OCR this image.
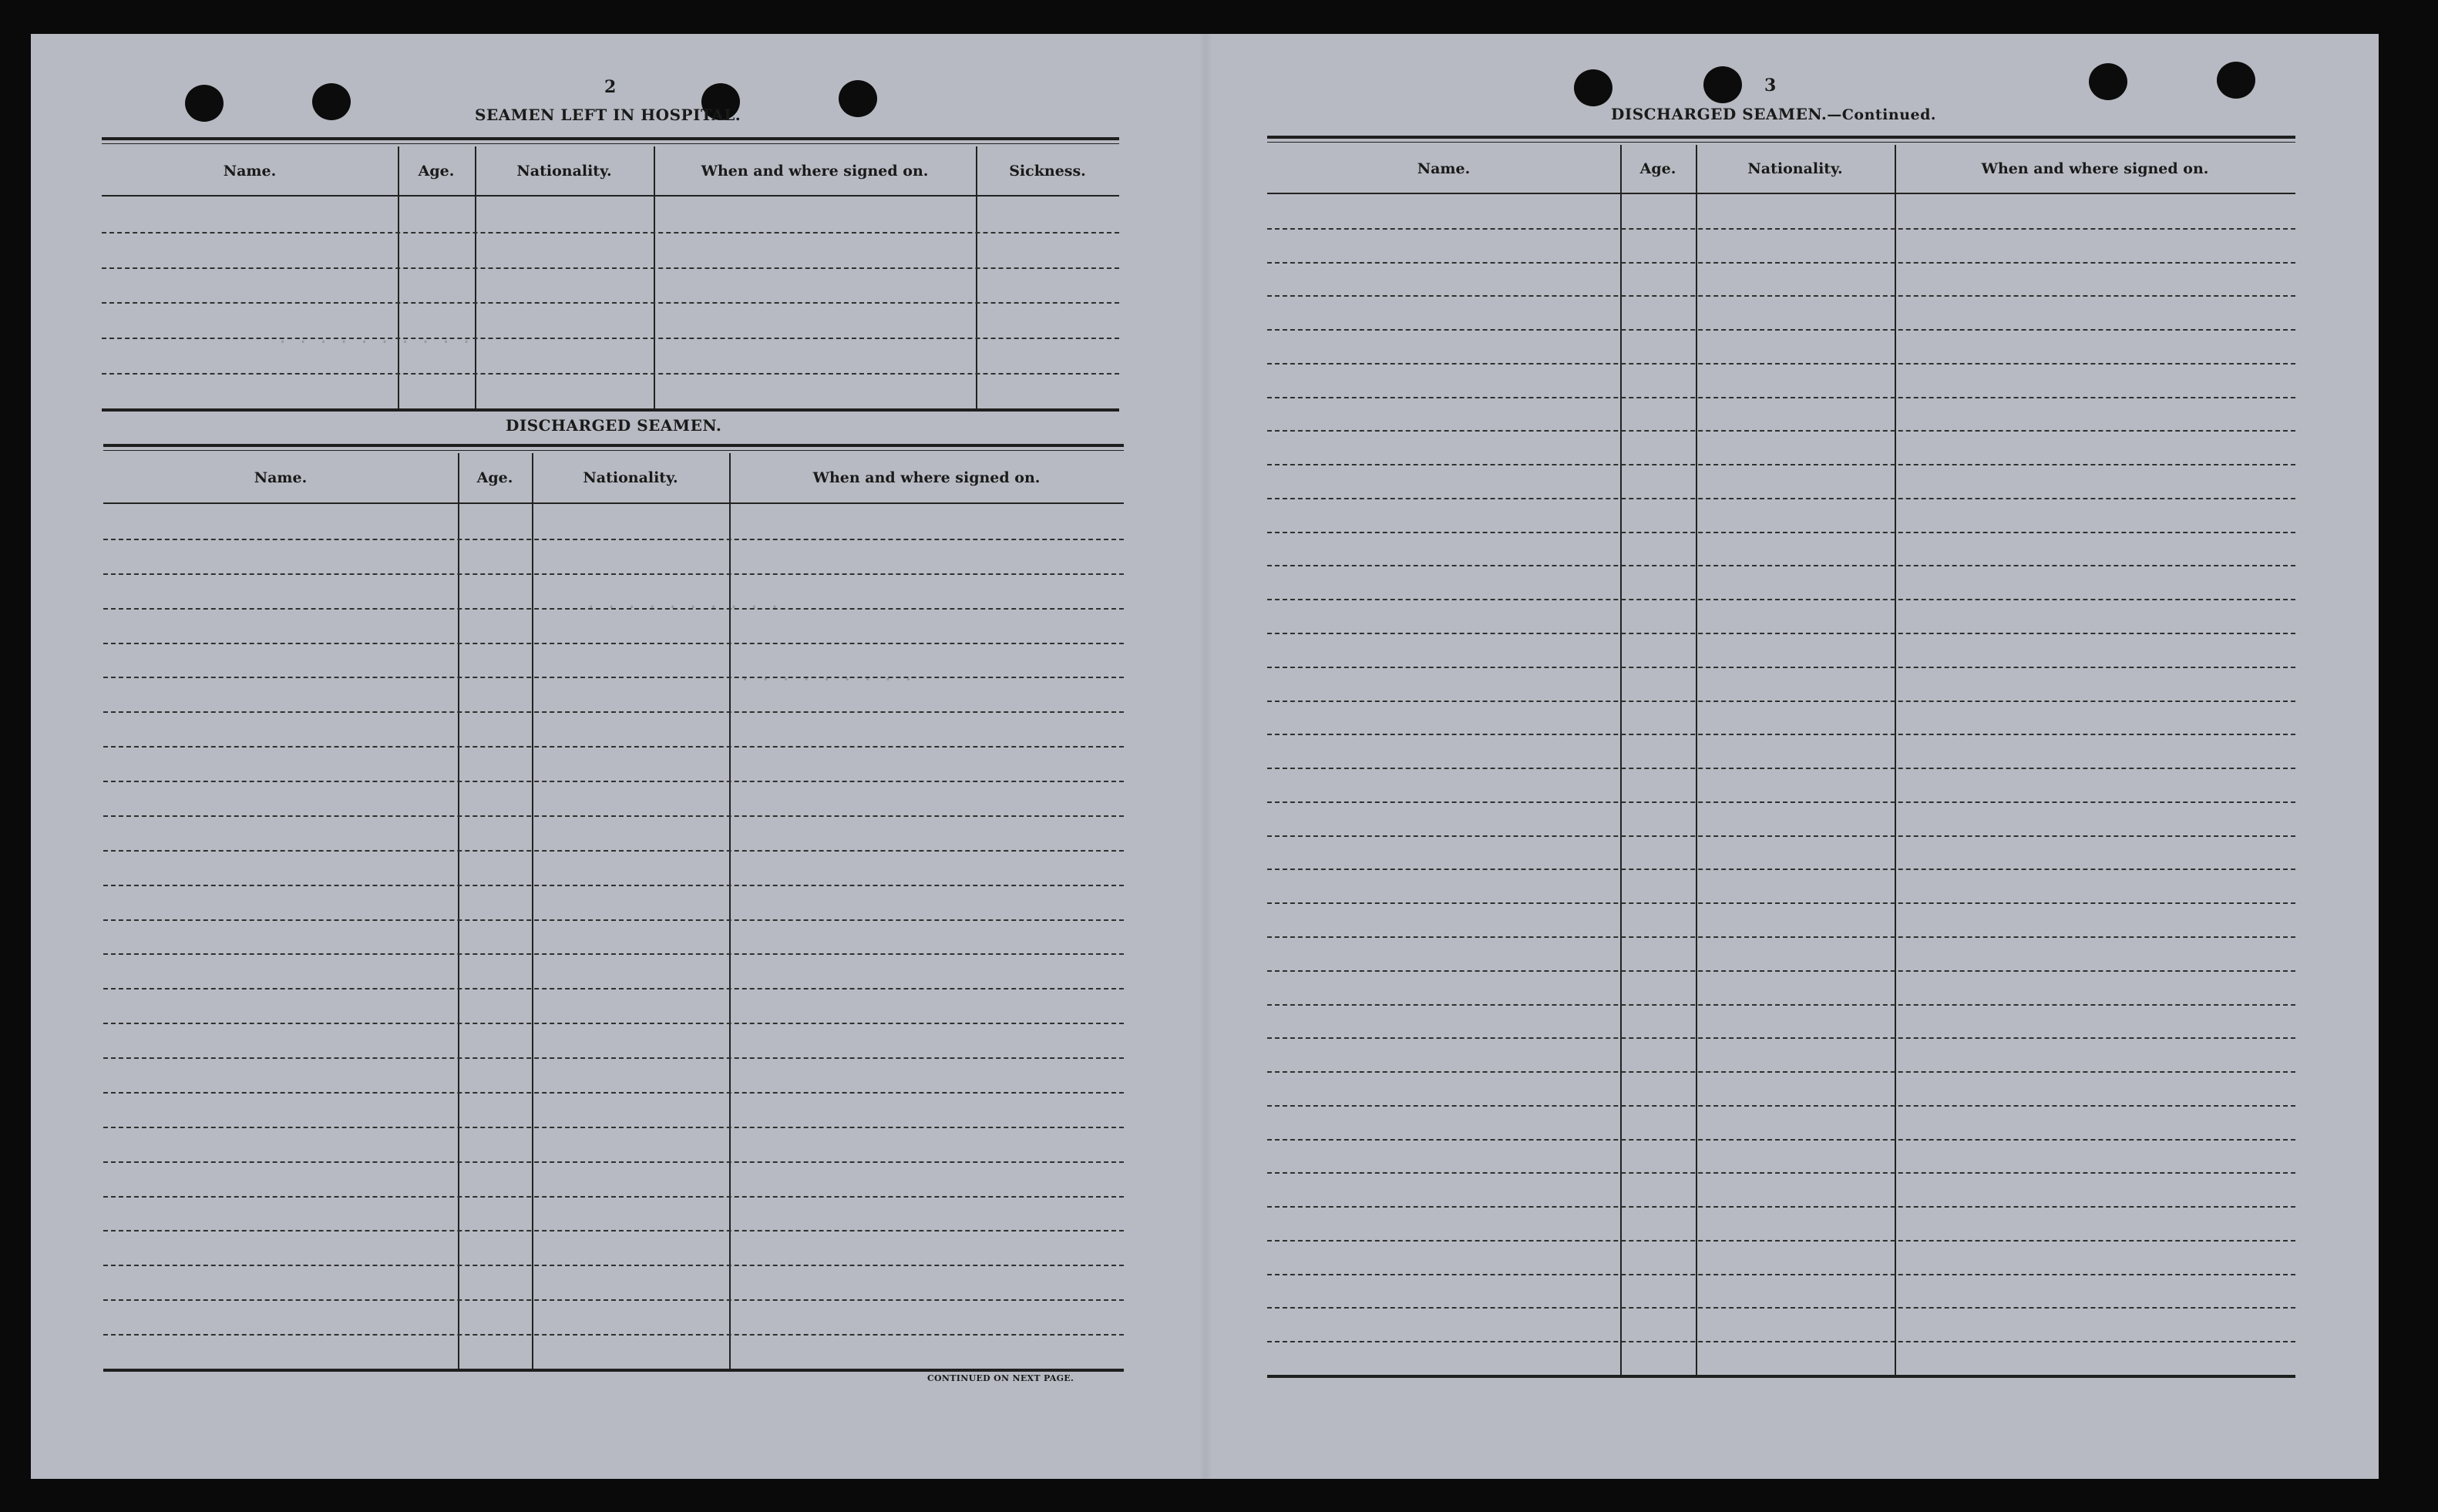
· · · · · · · · · ·
· · · · · · · · · ·
· · · · · · · · ·
2
SEAMEN LEFT IN HOSPITAL.
Name.	Age.	Nationality.	When and where signed on.	Sickness.
DISCHARGED SEAMEN.
Name.	Age.	Nationality.	When and where signed on.
CONTINUED ON NEXT PAGE.
3
DISCHARGED SEAMEN.—Continued.
Name.	Age.	Nationality.	When and where signed on.
